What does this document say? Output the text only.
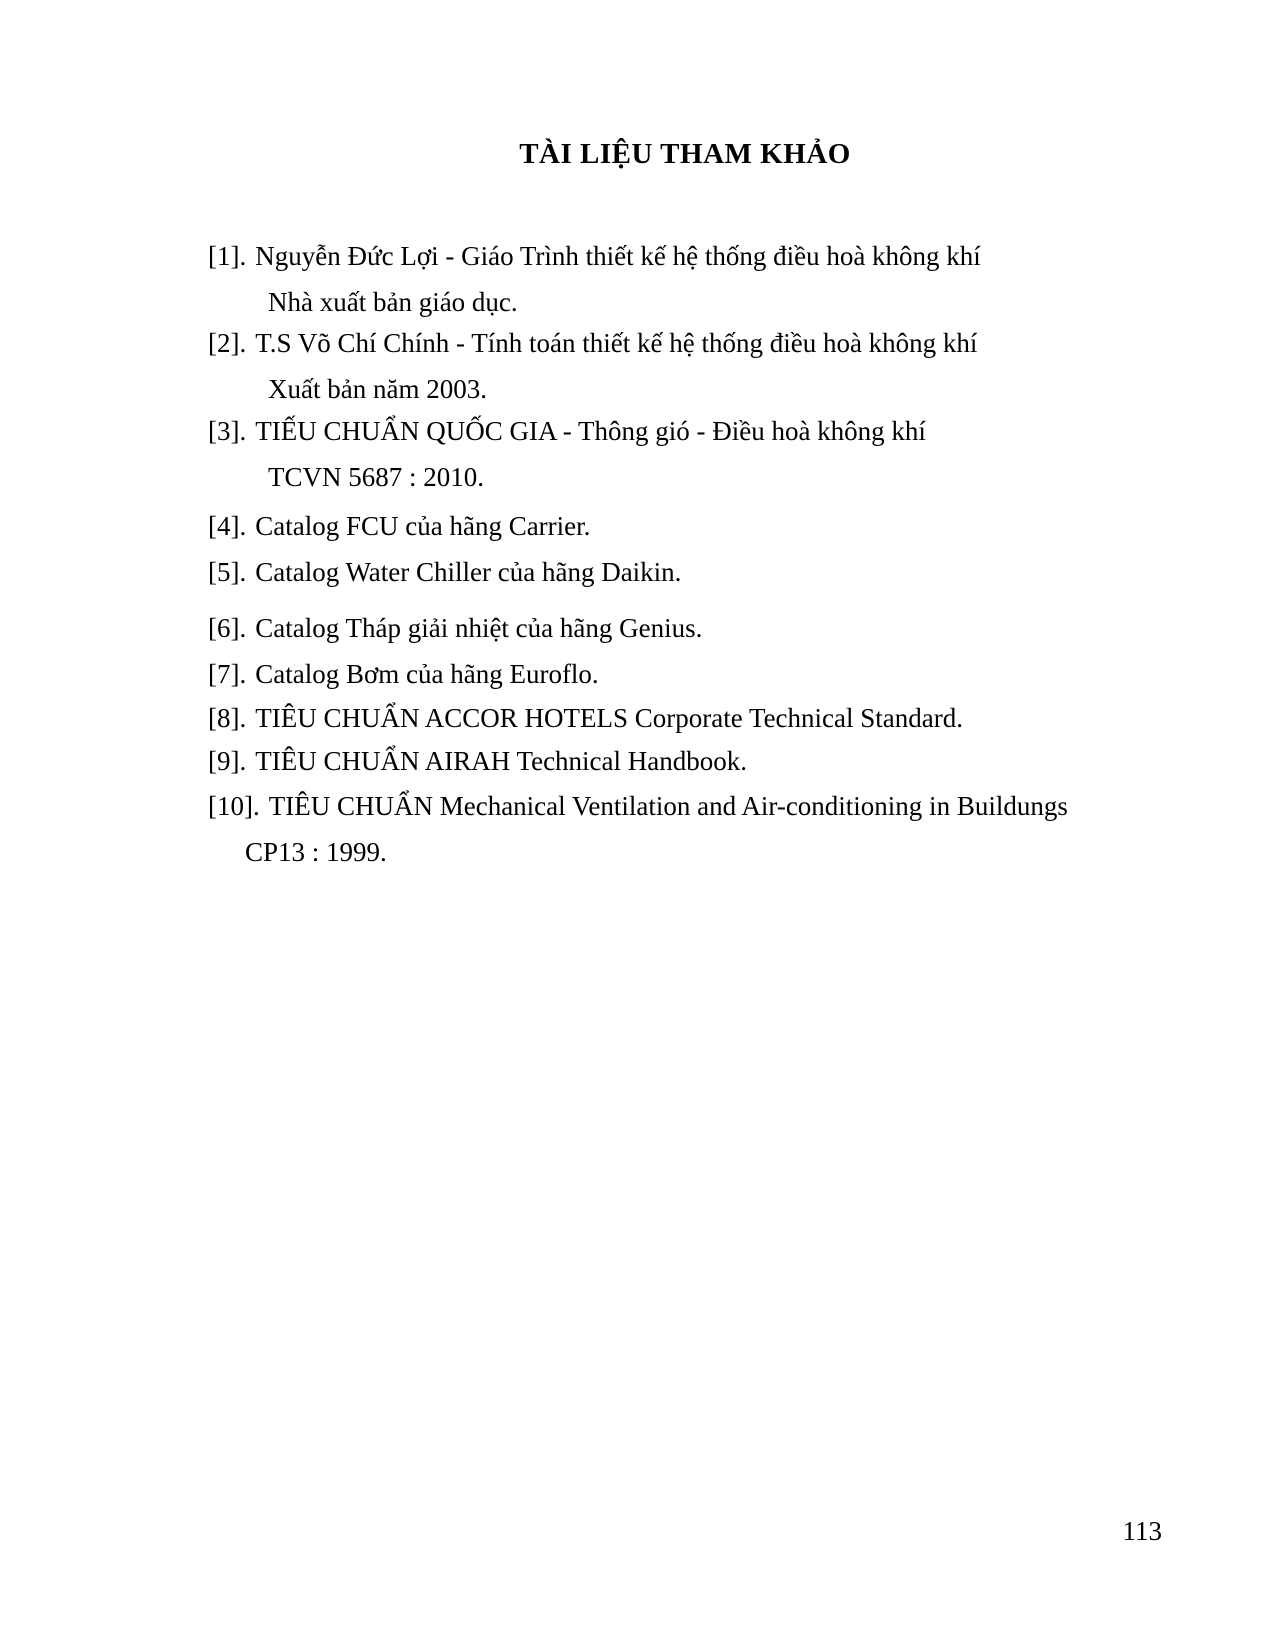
TÀI LIỆU THAM KHẢO
[1]. Nguyễn Đức Lợi - Giáo Trình thiết kế hệ thống điều hoà không khí
Nhà xuất bản giáo dục.
[2]. T.S Võ Chí Chính - Tính toán thiết kế hệ thống điều hoà không khí
Xuất bản năm 2003.
[3]. TIẾU CHUẨN QUỐC GIA - Thông gió - Điều hoà không khí
TCVN 5687 : 2010.
[4]. Catalog FCU của hãng Carrier.
[5]. Catalog Water Chiller của hãng Daikin.
[6]. Catalog Tháp giải nhiệt của hãng Genius.
[7]. Catalog Bơm của hãng Euroflo.
[8]. TIÊU CHUẨN ACCOR HOTELS Corporate Technical Standard.
[9]. TIÊU CHUẨN AIRAH Technical Handbook.
[10]. TIÊU CHUẨN Mechanical Ventilation and Air-conditioning in Buildungs
CP13 : 1999.
113
